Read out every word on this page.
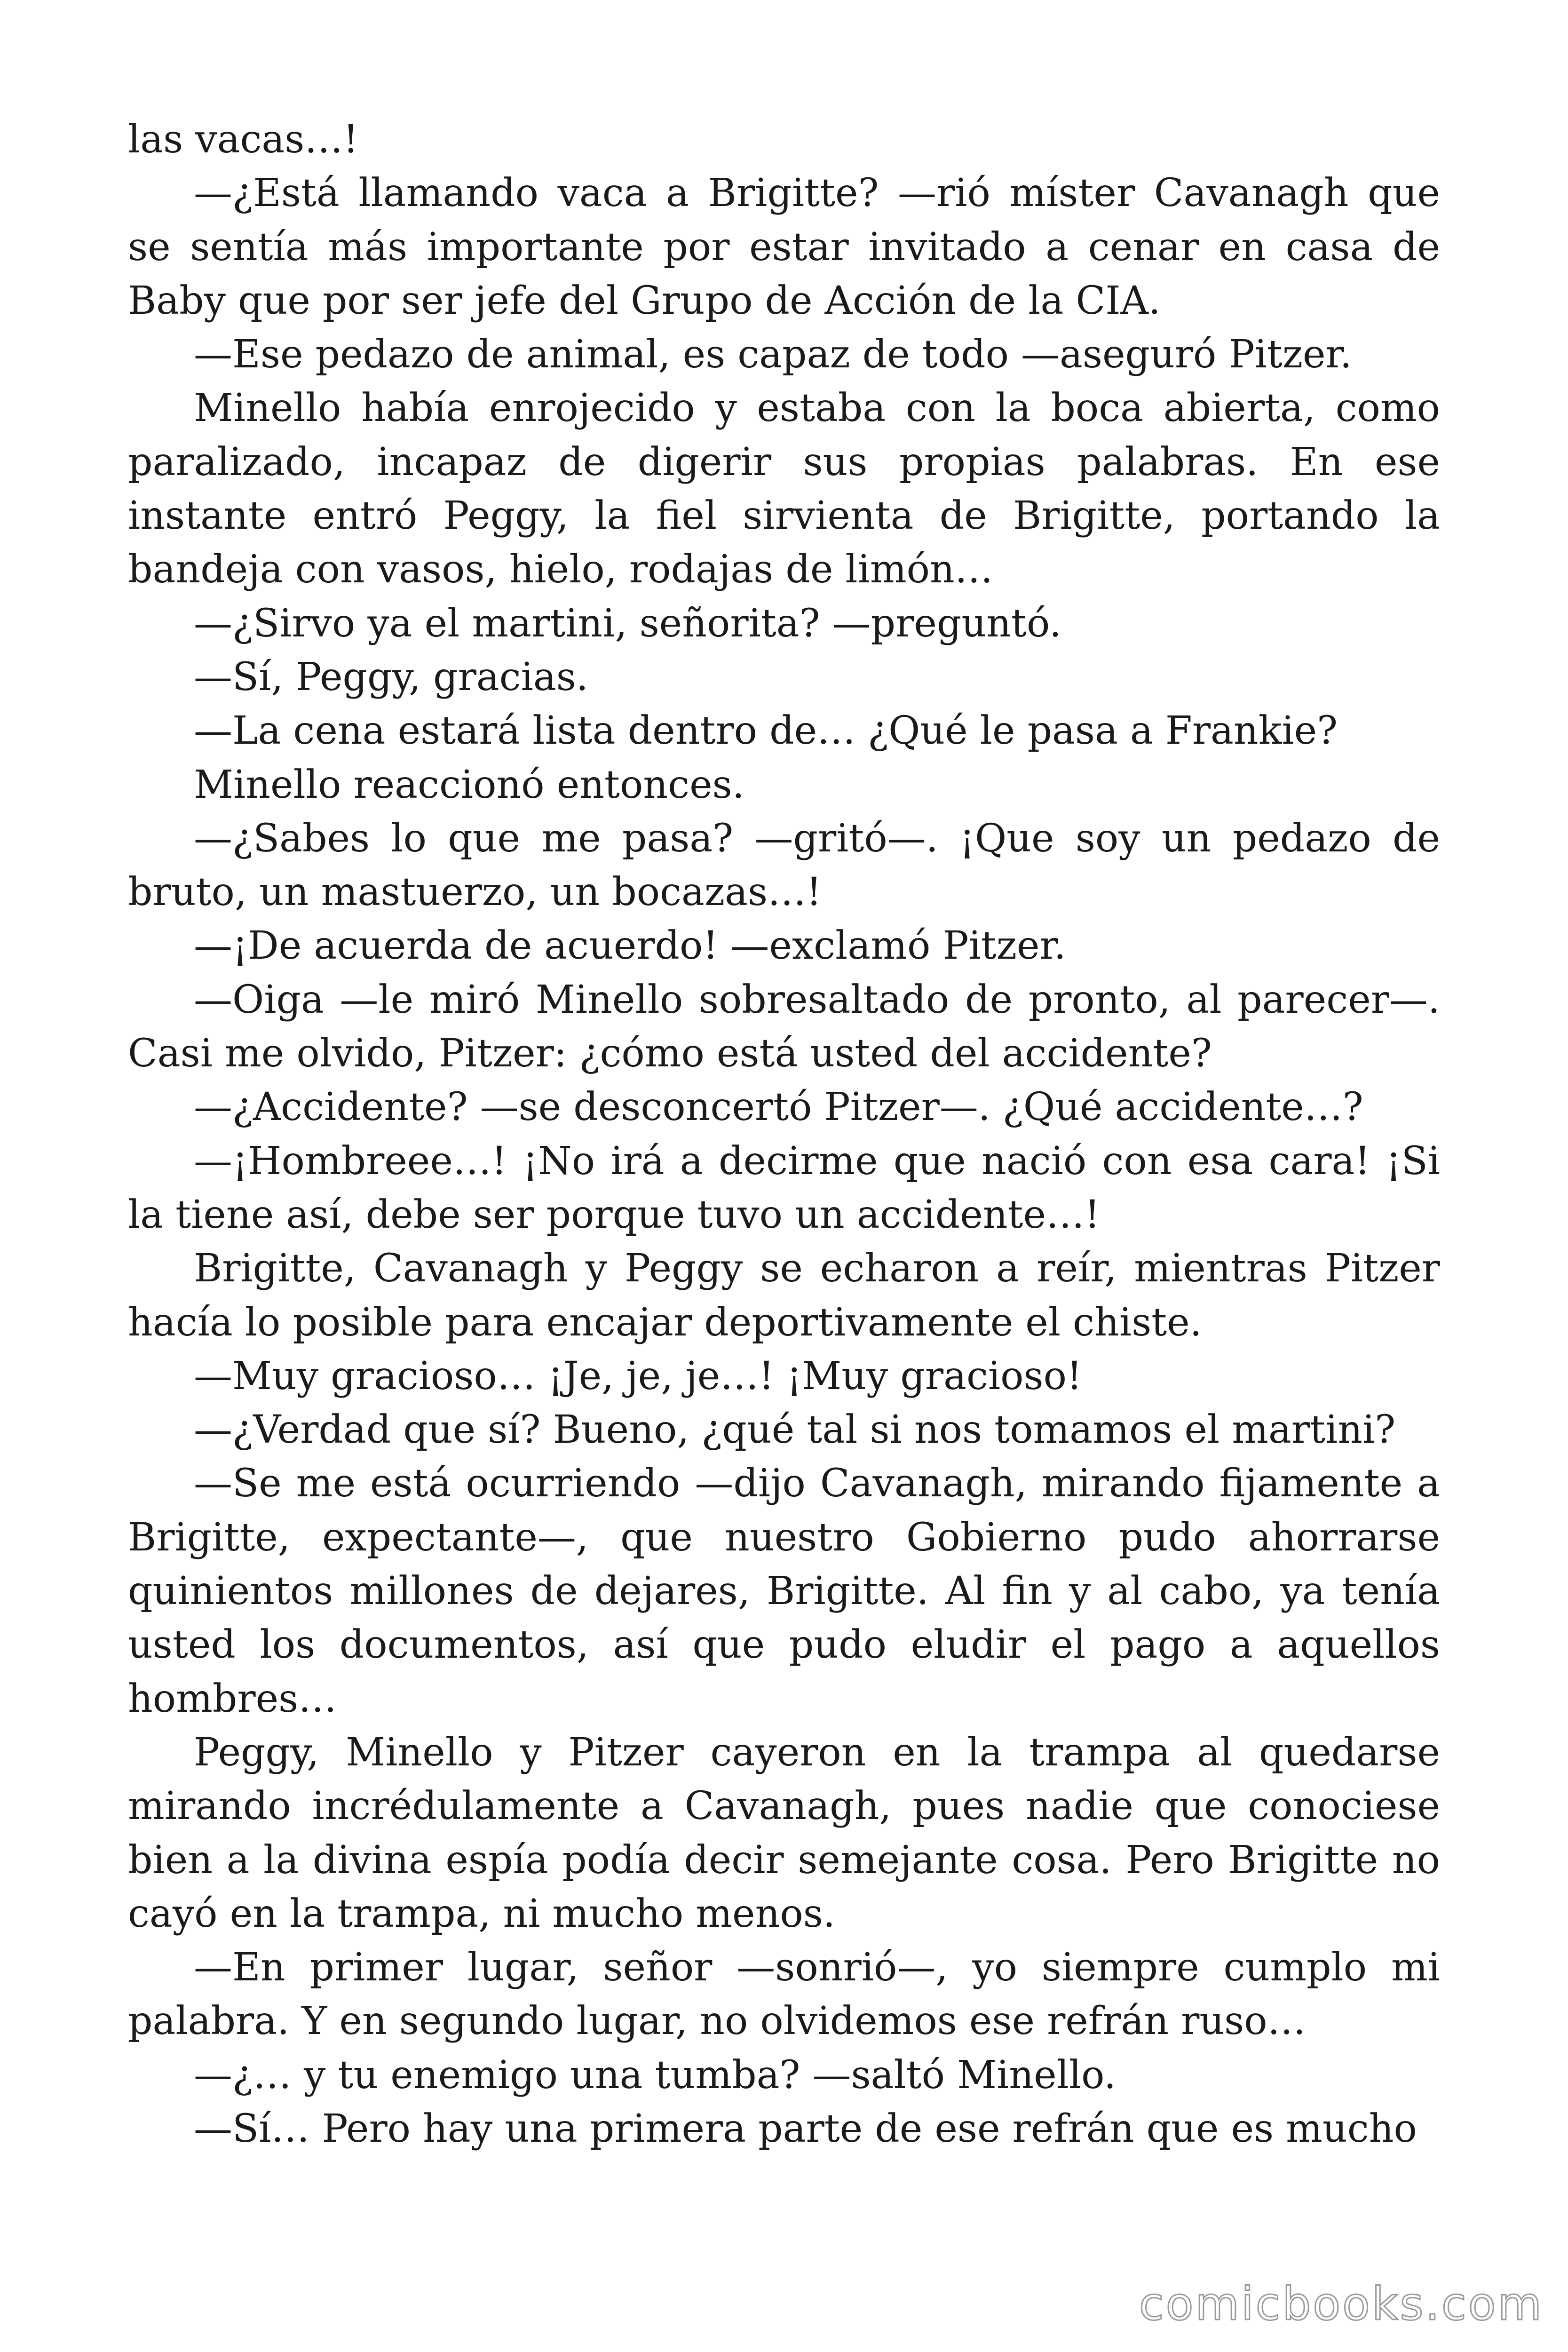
las vacas…!

—¿Está llamando vaca a Brigitte? —rió míster Cavanagh que se sentía más importante por estar invitado a cenar en casa de Baby que por ser jefe del Grupo de Acción de la CIA.

—Ese pedazo de animal, es capaz de todo —aseguró Pitzer.

Minello había enrojecido y estaba con la boca abierta, como paralizado, incapaz de digerir sus propias palabras. En ese instante entró Peggy, la fiel sirvienta de Brigitte, portando la bandeja con vasos, hielo, rodajas de limón…

—¿Sirvo ya el martini, señorita? —preguntó.

—Sí, Peggy, gracias.

—La cena estará lista dentro de… ¿Qué le pasa a Frankie?

Minello reaccionó entonces.

—¿Sabes lo que me pasa? —gritó—. ¡Que soy un pedazo de bruto, un mastuerzo, un bocazas…!

—¡De acuerda de acuerdo! —exclamó Pitzer.

—Oiga —le miró Minello sobresaltado de pronto, al parecer—. Casi me olvido, Pitzer: ¿cómo está usted del accidente?

—¿Accidente? —se desconcertó Pitzer—. ¿Qué accidente…?

—¡Hombreee…! ¡No irá a decirme que nació con esa cara! ¡Si la tiene así, debe ser porque tuvo un accidente…!

Brigitte, Cavanagh y Peggy se echaron a reír, mientras Pitzer hacía lo posible para encajar deportivamente el chiste.

—Muy gracioso… ¡Je, je, je…! ¡Muy gracioso!

—¿Verdad que sí? Bueno, ¿qué tal si nos tomamos el martini?

—Se me está ocurriendo —dijo Cavanagh, mirando fijamente a Brigitte, expectante—, que nuestro Gobierno pudo ahorrarse quinientos millones de dejares, Brigitte. Al fin y al cabo, ya tenía usted los documentos, así que pudo eludir el pago a aquellos hombres…

Peggy, Minello y Pitzer cayeron en la trampa al quedarse mirando incrédulamente a Cavanagh, pues nadie que conociese bien a la divina espía podía decir semejante cosa. Pero Brigitte no cayó en la trampa, ni mucho menos.

—En primer lugar, señor —sonrió—, yo siempre cumplo mi palabra. Y en segundo lugar, no olvidemos ese refrán ruso…

—¿… y tu enemigo una tumba? —saltó Minello.

—Sí… Pero hay una primera parte de ese refrán que es mucho

comicbooks.com
